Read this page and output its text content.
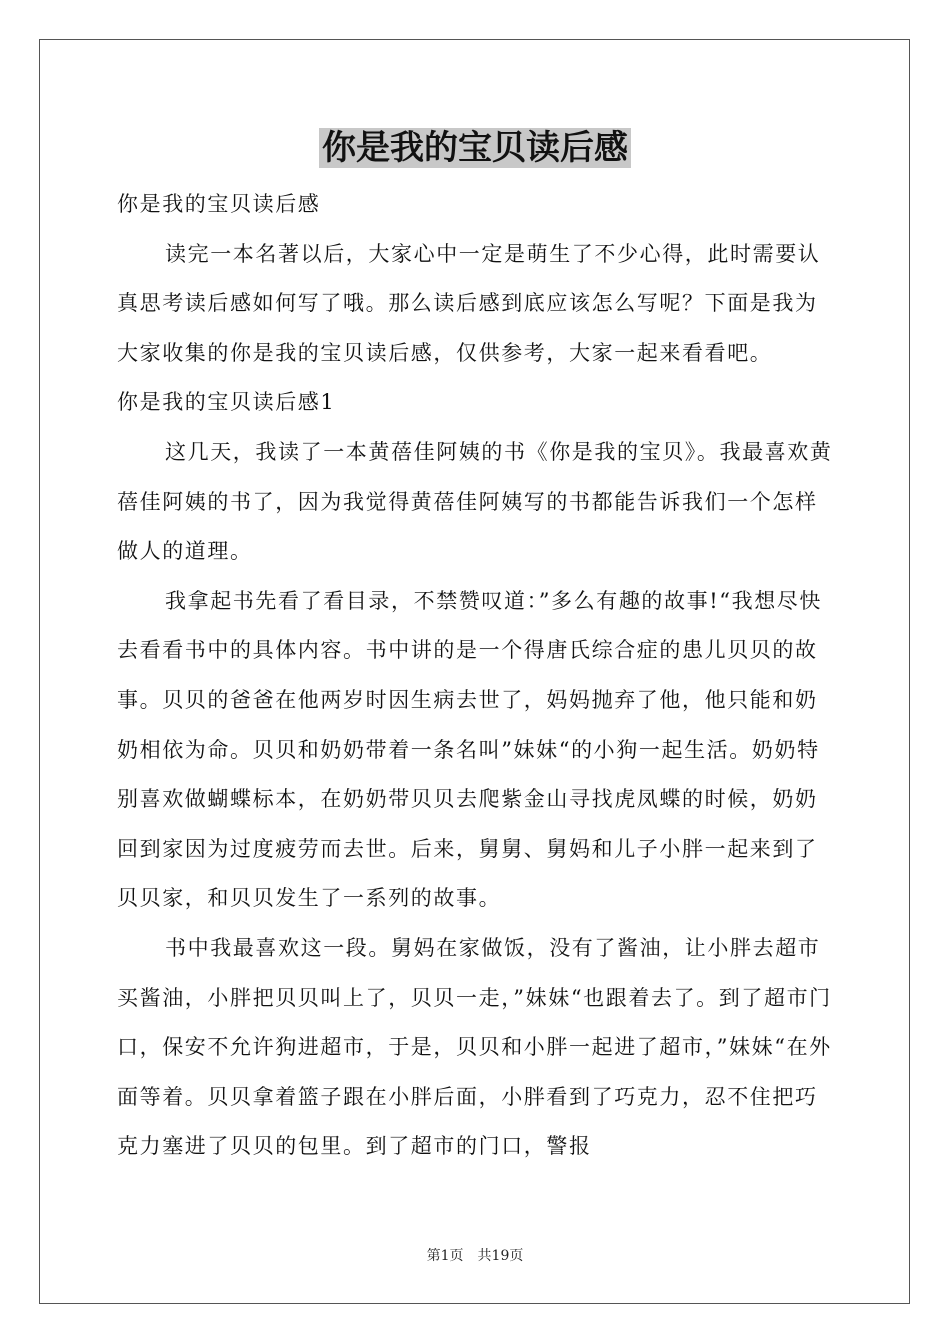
你是我的宝贝读后感

你是我的宝贝读后感

读完一本名著以后，大家心中一定是萌生了不少心得，此时需要认真思考读后感如何写了哦。那么读后感到底应该怎么写呢？下面是我为大家收集的你是我的宝贝读后感，仅供参考，大家一起来看看吧。

你是我的宝贝读后感1

这几天，我读了一本黄蓓佳阿姨的书《你是我的宝贝》。我最喜欢黄蓓佳阿姨的书了，因为我觉得黄蓓佳阿姨写的书都能告诉我们一个怎样做人的道理。

我拿起书先看了看目录，不禁赞叹道：”多么有趣的故事!“我想尽快去看看书中的具体内容。书中讲的是一个得唐氏综合症的患儿贝贝的故事。贝贝的爸爸在他两岁时因生病去世了，妈妈抛弃了他，他只能和奶奶相依为命。贝贝和奶奶带着一条名叫”妹妹“的小狗一起生活。奶奶特别喜欢做蝴蝶标本，在奶奶带贝贝去爬紫金山寻找虎凤蝶的时候，奶奶回到家因为过度疲劳而去世。后来，舅舅、舅妈和儿子小胖一起来到了贝贝家，和贝贝发生了一系列的故事。

书中我最喜欢这一段。舅妈在家做饭，没有了酱油，让小胖去超市买酱油，小胖把贝贝叫上了，贝贝一走，”妹妹“也跟着去了。到了超市门口，保安不允许狗进超市，于是，贝贝和小胖一起进了超市，”妹妹“在外面等着。贝贝拿着篮子跟在小胖后面，小胖看到了巧克力，忍不住把巧克力塞进了贝贝的包里。到了超市的门口，警报

第1页 共19页
